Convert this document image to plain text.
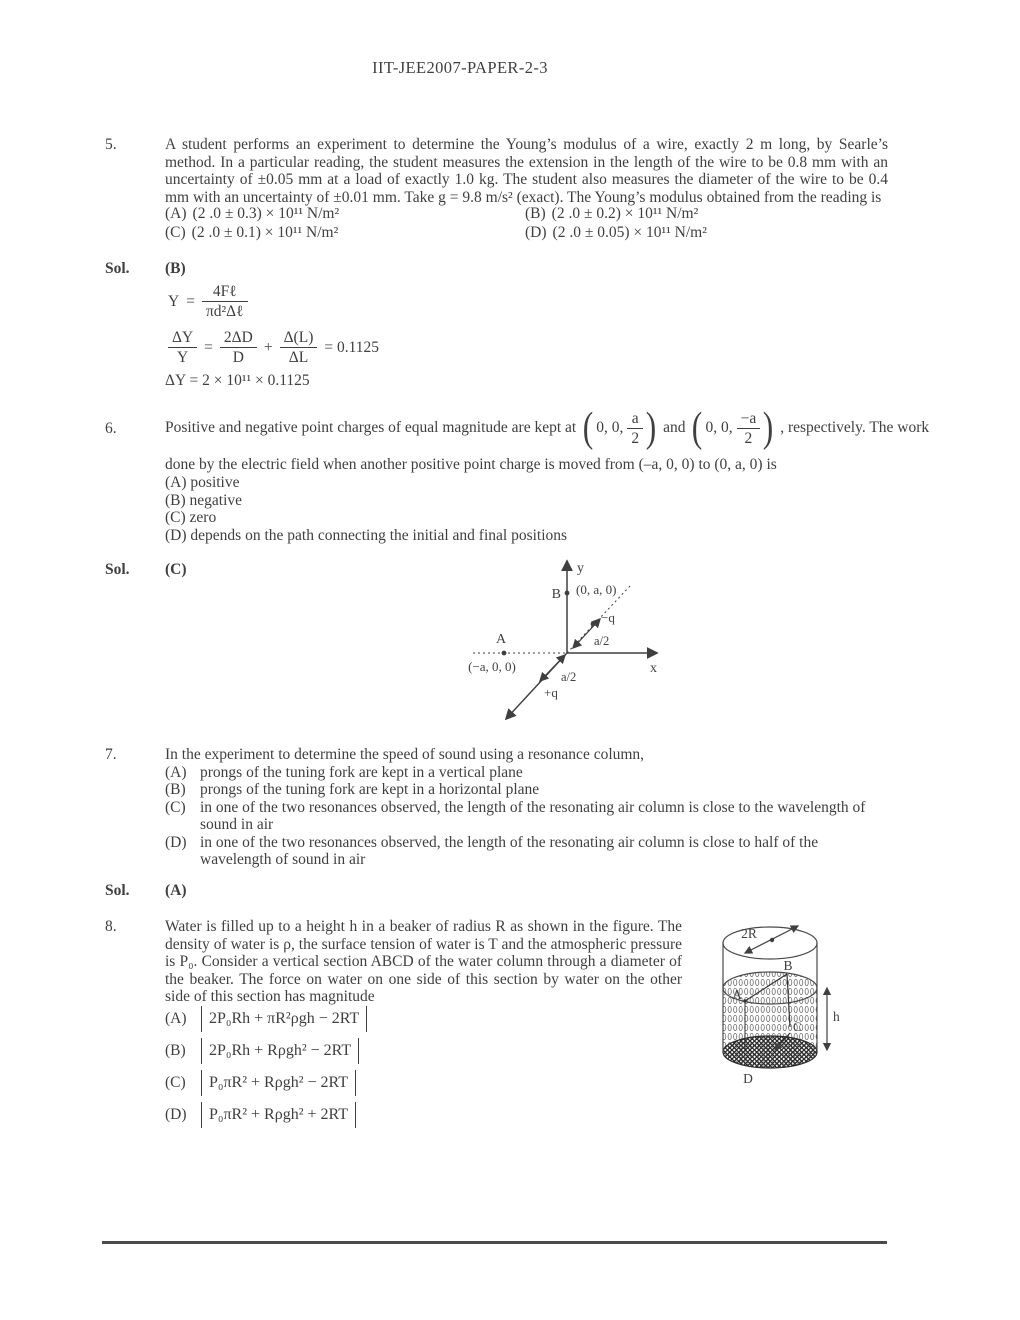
IIT-JEE2007-PAPER-2-3
5.	A student performs an experiment to determine the Young’s modulus of a wire, exactly 2 m long, by Searle’s method. In a particular reading, the student measures the extension in the length of the wire to be 0.8 mm with an uncertainty of ±0.05 mm at a load of exactly 1.0 kg. The student also measures the diameter of the wire to be 0.4 mm with an uncertainty of ±0.01 mm. Take g = 9.8 m/s² (exact). The Young’s modulus obtained from the reading is
(A) (2 .0 ± 0.3) × 10¹¹ N/m²	(B) (2 .0 ± 0.2) × 10¹¹ N/m²
(C) (2 .0 ± 0.1) × 10¹¹ N/m²	(D) (2 .0 ± 0.05) × 10¹¹ N/m²
Sol. (B)
$Y = \frac{\text{4Fℓ}}{\text{πd²Δℓ}}$
$\frac{\Delta Y}{Y} = \frac{2\Delta D}{D} + \frac{\Delta(L)}{\Delta L} = 0.1125$
ΔY = 2 × 10¹¹ × 0.1125
6.	Positive and negative point charges of equal magnitude are kept at ( 0, 0, $\frac{a}{2}$ ) and ( 0, 0, $\frac{-a}{2}$ ) , respectively. The work
done by the electric field when another positive point charge is moved from (–a, 0, 0) to (0, a, 0) is
(A) positive
(B) negative
(C) zero
(D) depends on the path connecting the initial and final positions
Sol. (C)	y
x
B (0, a, 0)
A
(−a, 0, 0)
−q
+q
a/2
a/2
7.	In the experiment to determine the speed of sound using a resonance column,
(A) prongs of the tuning fork are kept in a vertical plane
(B) prongs of the tuning fork are kept in a horizontal plane
(C) in one of the two resonances observed, the length of the resonating air column is close to the wavelength of sound in air
(D) in one of the two resonances observed, the length of the resonating air column is close to half of the wavelength of sound in air
Sol. (A)
8.	Water is filled up to a height h in a beaker of radius R as shown in the figure. The density of water is ρ, the surface tension of water is T and the atmospheric pressure is P₀. Consider a vertical section ABCD of the water column through a diameter of the beaker. The force on water on one side of this section by water on the other side of this section has magnitude
(A)	2P₀Rh + πR²ρgh − 2RT
(B)	2P₀Rh + Rρgh² − 2RT
(C)	P₀πR² + Rρgh² − 2RT
(D)	P₀πR² + Rρgh² + 2RT
2R
B
A
C
D
h
